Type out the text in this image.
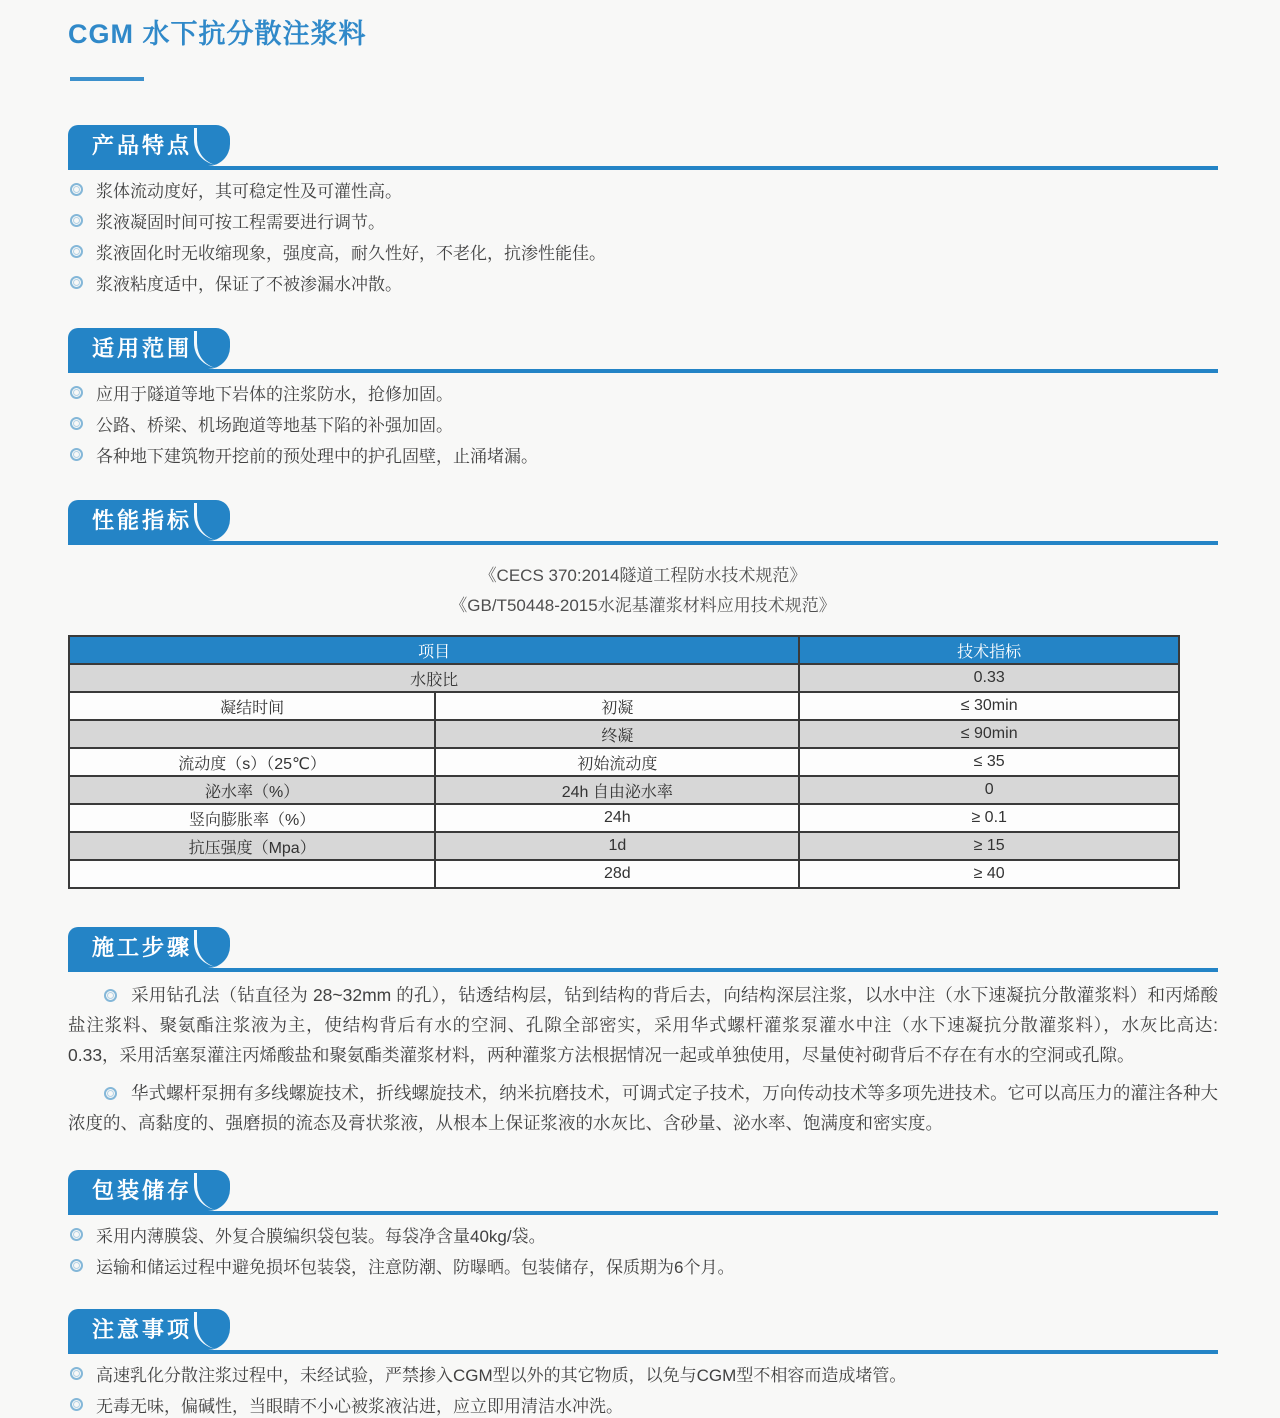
CGM 水下抗分散注浆料
产品特点
浆体流动度好，其可稳定性及可灌性高。
浆液凝固时间可按工程需要进行调节。
浆液固化时无收缩现象，强度高，耐久性好，不老化，抗渗性能佳。
浆液粘度适中，保证了不被渗漏水冲散。
适用范围
应用于隧道等地下岩体的注浆防水，抢修加固。
公路、桥梁、机场跑道等地基下陷的补强加固。
各种地下建筑物开挖前的预处理中的护孔固壁，止涌堵漏。
性能指标
《CECS 370:2014隧道工程防水技术规范》
《GB/T50448-2015水泥基灌浆材料应用技术规范》
项目		技术指标
水胶比		0.33
凝结时间	初凝	≤ 30min
	终凝	≤ 90min
流动度（s）（25℃）	初始流动度	≤ 35
泌水率（%）	24h 自由泌水率	0
竖向膨胀率（%）	24h	≥ 0.1
抗压强度（Mpa）	1d	≥ 15
	28d	≥ 40
施工步骤

采用钻孔法（钻直径为 28~32mm 的孔），钻透结构层，钻到结构的背后去，向结构深层注浆，以水中注（水下速凝抗分散灌浆料）和丙烯酸盐注浆料、聚氨酯注浆液为主，使结构背后有水的空洞、孔隙全部密实，采用华式螺杆灌浆泵灌水中注（水下速凝抗分散灌浆料），水灰比高达: 0.33，采用活塞泵灌注丙烯酸盐和聚氨酯类灌浆材料，两种灌浆方法根据情况一起或单独使用，尽量使衬砌背后不存在有水的空洞或孔隙。

华式螺杆泵拥有多线螺旋技术，折线螺旋技术，纳米抗磨技术，可调式定子技术，万向传动技术等多项先进技术。它可以高压力的灌注各种大浓度的、高黏度的、强磨损的流态及膏状浆液，从根本上保证浆液的水灰比、含砂量、泌水率、饱满度和密实度。

包装储存
采用内薄膜袋、外复合膜编织袋包装。每袋净含量40kg/袋。
运输和储运过程中避免损坏包装袋，注意防潮、防曝晒。包装储存，保质期为6个月。
注意事项
高速乳化分散注浆过程中，未经试验，严禁掺入CGM型以外的其它物质，以免与CGM型不相容而造成堵管。
无毒无味，偏碱性，当眼睛不小心被浆液沾进，应立即用清洁水冲洗。
